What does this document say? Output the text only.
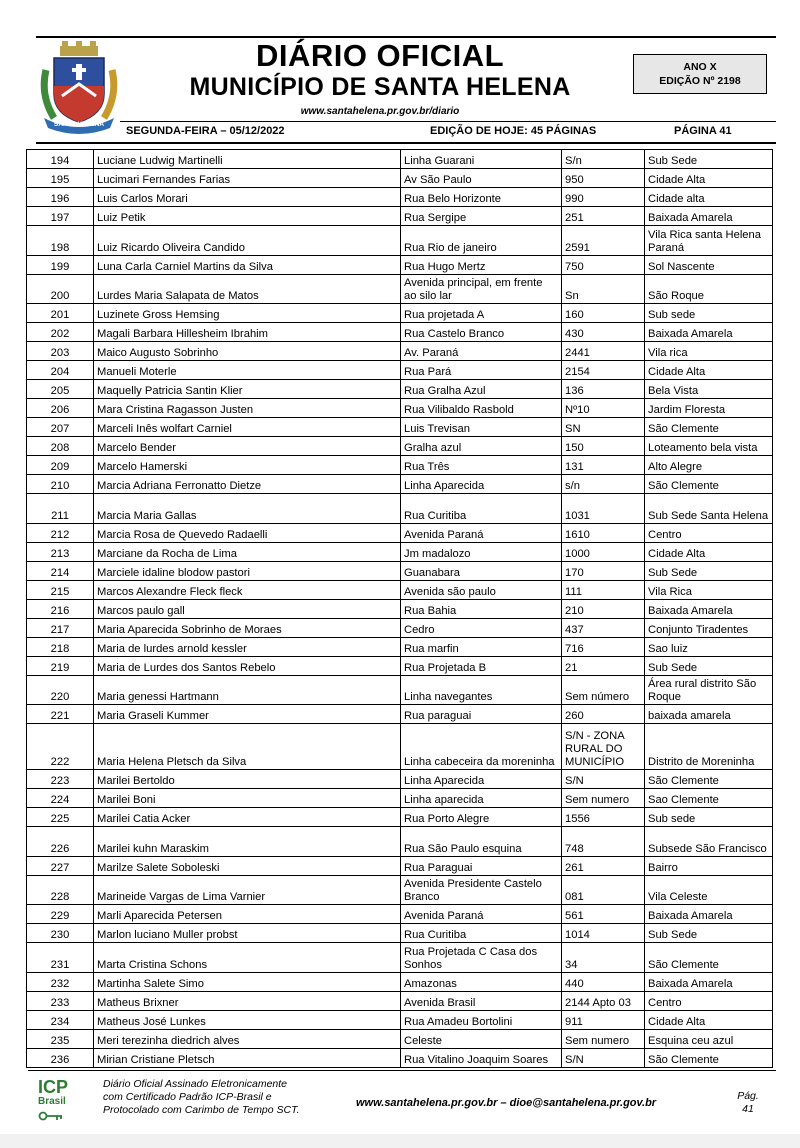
SANTA HELENA
DIÁRIO OFICIAL
MUNICÍPIO DE SANTA HELENA
www.santahelena.pr.gov.br/diario
ANO X
EDIÇÃO Nº 2198
SEGUNDA-FEIRA – 05/12/2022	EDIÇÃO DE HOJE: 45 PÁGINAS	PÁGINA 41
194	Luciane Ludwig Martinelli	Linha Guarani	S/n	Sub Sede
195	Lucimari Fernandes Farias	Av São Paulo	950	Cidade Alta
196	Luis Carlos Morari	Rua Belo Horizonte	990	Cidade alta
197	Luiz Petik	Rua Sergipe	251	Baixada Amarela
198	Luiz Ricardo Oliveira Candido	Rua Rio de janeiro	2591	Vila Rica santa Helena Paraná
199	Luna Carla Carniel Martins da Silva	Rua Hugo Mertz	750	Sol Nascente
200	Lurdes Maria Salapata de Matos	Avenida principal, em frente ao silo lar	Sn	São Roque
201	Luzinete Gross Hemsing	Rua projetada A	160	Sub sede
202	Magali Barbara Hillesheim Ibrahim	Rua Castelo Branco	430	Baixada Amarela
203	Maico Augusto Sobrinho	Av. Paraná	2441	Vila rica
204	Manueli Moterle	Rua Pará	2154	Cidade Alta
205	Maquelly Patricia Santin Klier	Rua Gralha Azul	136	Bela Vista
206	Mara Cristina Ragasson Justen	Rua Vilibaldo Rasbold	Nº10	Jardim Floresta
207	Marceli Inês wolfart Carniel	Luis Trevisan	SN	São Clemente
208	Marcelo Bender	Gralha azul	150	Loteamento bela vista
209	Marcelo Hamerski	Rua Três	131	Alto Alegre
210	Marcia Adriana Ferronatto Dietze	Linha Aparecida	s/n	São Clemente
211	Marcia Maria Gallas	Rua Curitiba	1031	Sub Sede Santa Helena
212	Marcia Rosa de Quevedo Radaelli	Avenida Paraná	1610	Centro
213	Marciane da Rocha de Lima	Jm madalozo	1000	Cidade Alta
214	Marciele idaline blodow pastori	Guanabara	170	Sub Sede
215	Marcos Alexandre Fleck fleck	Avenida são paulo	111	Vila Rica
216	Marcos paulo gall	Rua Bahia	210	Baixada Amarela
217	Maria Aparecida Sobrinho de Moraes	Cedro	437	Conjunto Tiradentes
218	Maria de lurdes arnold kessler	Rua marfin	716	Sao luiz
219	Maria de Lurdes dos Santos Rebelo	Rua Projetada B	21	Sub Sede
220	Maria genessi Hartmann	Linha navegantes	Sem número	Área rural distrito São Roque
221	Maria Graseli Kummer	Rua paraguai	260	baixada amarela
222	Maria Helena Pletsch da Silva	Linha cabeceira da moreninha	S/N - ZONA RURAL DO MUNICÍPIO	Distrito de Moreninha
223	Marilei Bertoldo	Linha Aparecida	S/N	São Clemente
224	Marilei Boni	Linha aparecida	Sem numero	Sao Clemente
225	Marilei Catia Acker	Rua Porto Alegre	1556	Sub sede
226	Marilei kuhn Maraskim	Rua São Paulo esquina	748	Subsede São Francisco
227	Marilze Salete Soboleski	Rua Paraguai	261	Bairro
228	Marineide Vargas de Lima Varnier	Avenida Presidente Castelo Branco	081	Vila Celeste
229	Marli Aparecida Petersen	Avenida Paraná	561	Baixada Amarela
230	Marlon luciano Muller probst	Rua Curitiba	1014	Sub Sede
231	Marta Cristina Schons	Rua Projetada C Casa dos Sonhos	34	São Clemente
232	Martinha Salete Simo	Amazonas	440	Baixada Amarela
233	Matheus Brixner	Avenida Brasil	2144 Apto 03	Centro
234	Matheus José Lunkes	Rua Amadeu Bortolini	911	Cidade Alta
235	Meri terezinha diedrich alves	Celeste	Sem numero	Esquina ceu azul
236	Mirian Cristiane Pletsch	Rua Vitalino Joaquim Soares	S/N	São Clemente
ICP
Brasil
Diário Oficial Assinado Eletronicamente
com Certificado Padrão ICP-Brasil e
Protocolado com Carimbo de Tempo SCT.
www.santahelena.pr.gov.br – dioe@santahelena.pr.gov.br
Pág.
41
